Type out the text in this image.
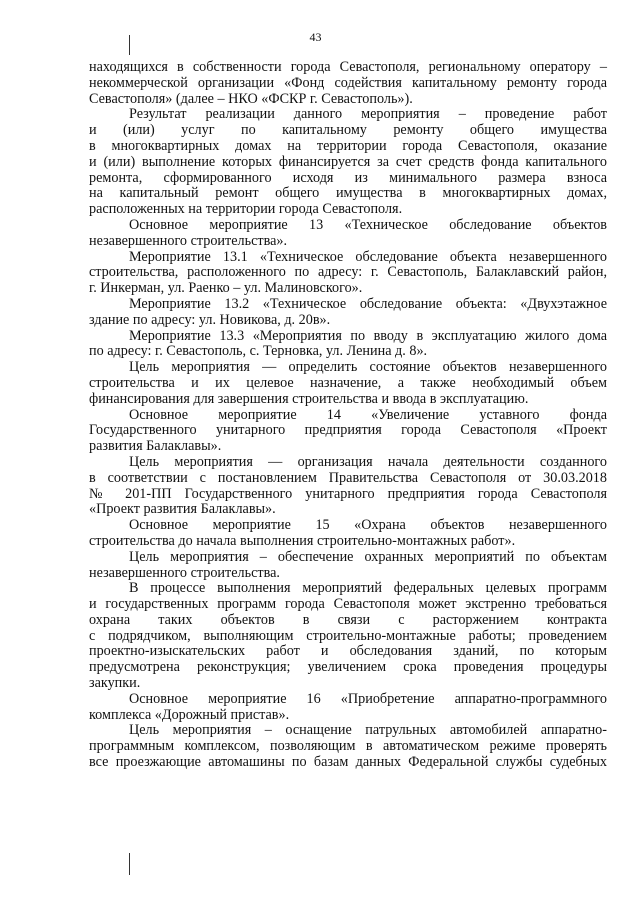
43

находящихся в собственности города Севастополя, региональному оператору –

некоммерческой организации «Фонд содействия капитальному ремонту города

Севастополя» (далее – НКО «ФСКР г. Севастополь»).

Результат реализации данного мероприятия – проведение работ

и (или) услуг по капитальному ремонту общего имущества

в многоквартирных домах на территории города Севастополя, оказание

и (или) выполнение которых финансируется за счет средств фонда капитального

ремонта, сформированного исходя из минимального размера взноса

на капитальный ремонт общего имущества в многоквартирных домах,

расположенных на территории города Севастополя.

Основное мероприятие 13 «Техническое обследование объектов

незавершенного строительства».

Мероприятие 13.1 «Техническое обследование объекта незавершенного

строительства, расположенного по адресу: г. Севастополь, Балаклавский район,

г. Инкерман, ул. Раенко – ул. Малиновского».

Мероприятие 13.2 «Техническое обследование объекта: «Двухэтажное

здание по адресу: ул. Новикова, д. 20в».

Мероприятие 13.3 «Мероприятия по вводу в эксплуатацию жилого дома

по адресу: г. Севастополь, с. Терновка, ул. Ленина д. 8».

Цель мероприятия — определить состояние объектов незавершенного

строительства и их целевое назначение, а также необходимый объем

финансирования для завершения строительства и ввода в эксплуатацию.

Основное мероприятие 14 «Увеличение уставного фонда

Государственного унитарного предприятия города Севастополя «Проект

развития Балаклавы».

Цель мероприятия — организация начала деятельности созданного

в соответствии с постановлением Правительства Севастополя от 30.03.2018

№ 201-ПП Государственного унитарного предприятия города Севастополя

«Проект развития Балаклавы».

Основное мероприятие 15 «Охрана объектов незавершенного

строительства до начала выполнения строительно-монтажных работ».

Цель мероприятия – обеспечение охранных мероприятий по объектам

незавершенного строительства.

В процессе выполнения мероприятий федеральных целевых программ

и государственных программ города Севастополя может экстренно требоваться

охрана таких объектов в связи с расторжением контракта

с подрядчиком, выполняющим строительно-монтажные работы; проведением

проектно-изыскательских работ и обследования зданий, по которым

предусмотрена реконструкция; увеличением срока проведения процедуры

закупки.

Основное мероприятие 16 «Приобретение аппаратно-программного

комплекса «Дорожный пристав».

Цель мероприятия – оснащение патрульных автомобилей аппаратно-

программным комплексом, позволяющим в автоматическом режиме проверять

все проезжающие автомашины по базам данных Федеральной службы судебных
